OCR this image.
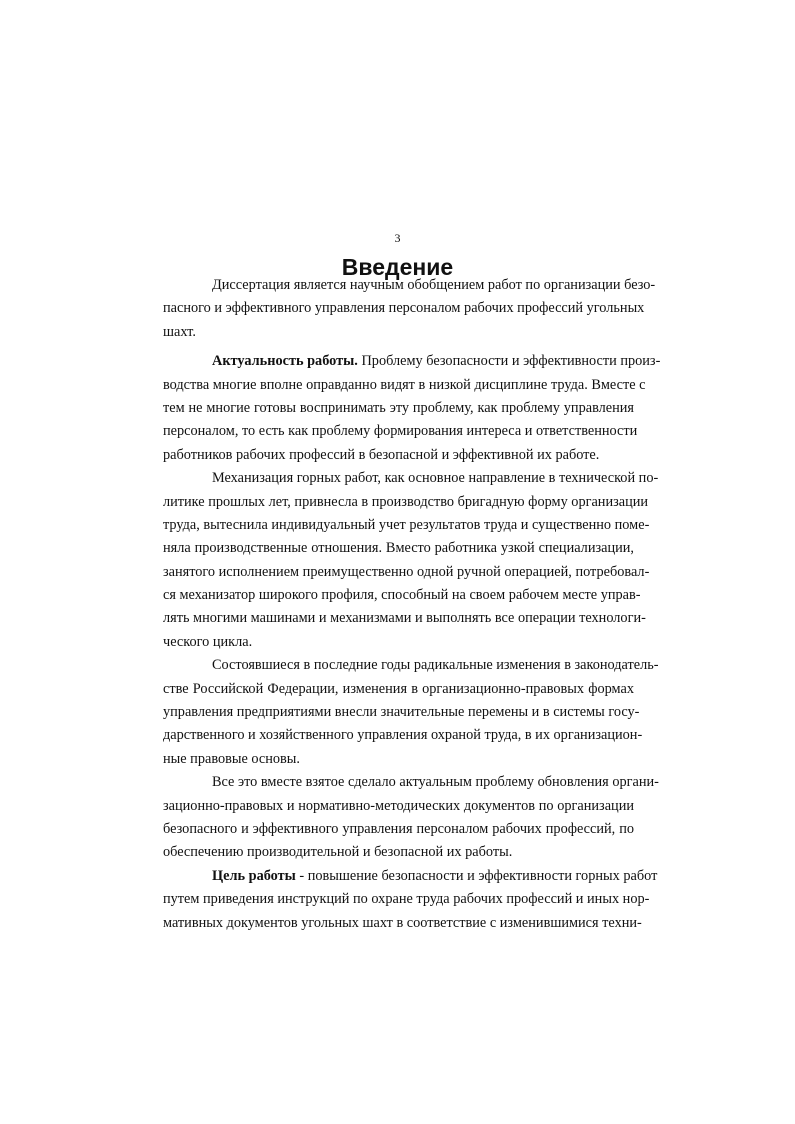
3
Введение
Диссертация является научным обобщением работ по организации безо-
пасного и эффективного управления персоналом рабочих профессий угольных
шахт.
Актуальность работы. Проблему безопасности и эффективности произ-
водства многие вполне оправданно видят в низкой дисциплине труда. Вместе с
тем не многие готовы воспринимать эту проблему, как проблему управления
персоналом, то есть как проблему формирования интереса и ответственности
работников рабочих профессий в безопасной и эффективной их работе.
Механизация горных работ, как основное направление в технической по-
литике прошлых лет, привнесла в производство бригадную форму организации
труда, вытеснила индивидуальный учет результатов труда и существенно поме-
няла производственные отношения. Вместо работника узкой специализации,
занятого исполнением преимущественно одной ручной операцией, потребовал-
ся механизатор широкого профиля, способный на своем рабочем месте управ-
лять многими машинами и механизмами и выполнять все операции технологи-
ческого цикла.
Состоявшиеся в последние годы радикальные изменения в законодатель-
стве Российской Федерации, изменения в организационно-правовых формах
управления предприятиями внесли значительные перемены и в системы госу-
дарственного и хозяйственного управления охраной труда, в их организацион-
ные правовые основы.
Все это вместе взятое сделало актуальным проблему обновления органи-
зационно-правовых и нормативно-методических документов по организации
безопасного и эффективного управления персоналом рабочих профессий, по
обеспечению производительной и безопасной их работы.
Цель работы - повышение безопасности и эффективности горных работ
путем приведения инструкций по охране труда рабочих профессий и иных нор-
мативных документов угольных шахт в соответствие с изменившимися техни-
